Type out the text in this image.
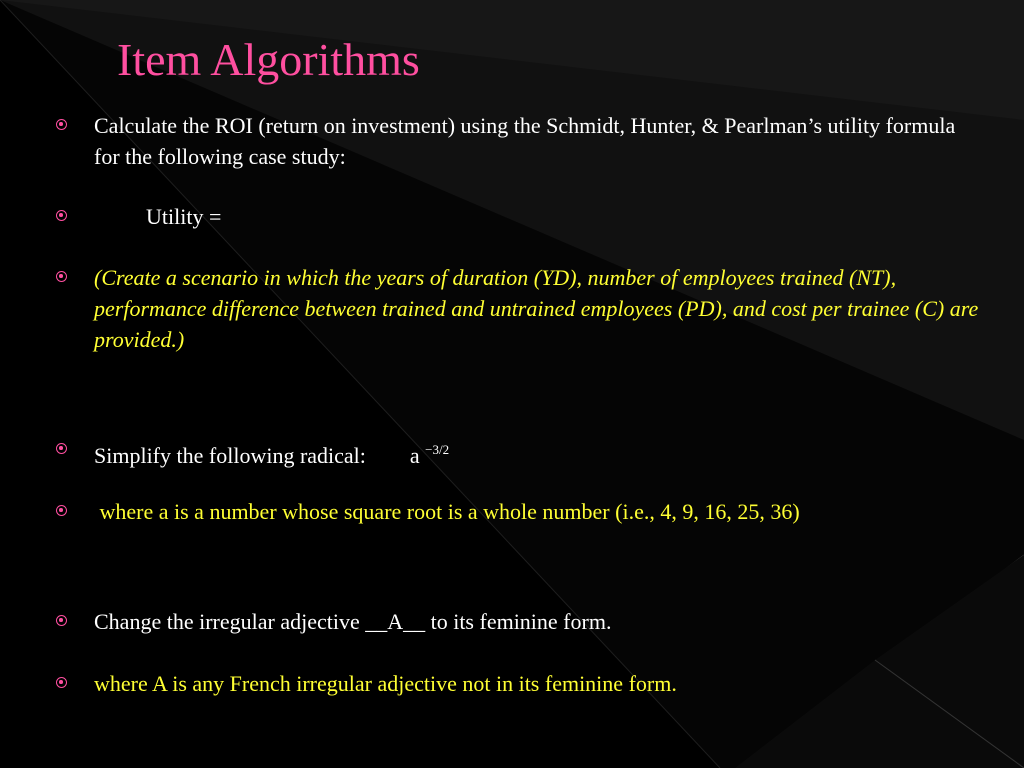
Item Algorithms
Calculate the ROI (return on investment) using the Schmidt, Hunter, & Pearlman’s utility formula for the following case study:
Utility =
(Create a scenario in which the years of duration (YD), number of employees trained (NT), performance difference between trained and untrained employees (PD), and cost per trainee (C) are provided.)
Simplify the following radical: a $^{-3/2}$
where a is a number whose square root is a whole number (i.e., 4, 9, 16, 25, 36)
Change the irregular adjective __A__ to its feminine form.
where A is any French irregular adjective not in its feminine form.
